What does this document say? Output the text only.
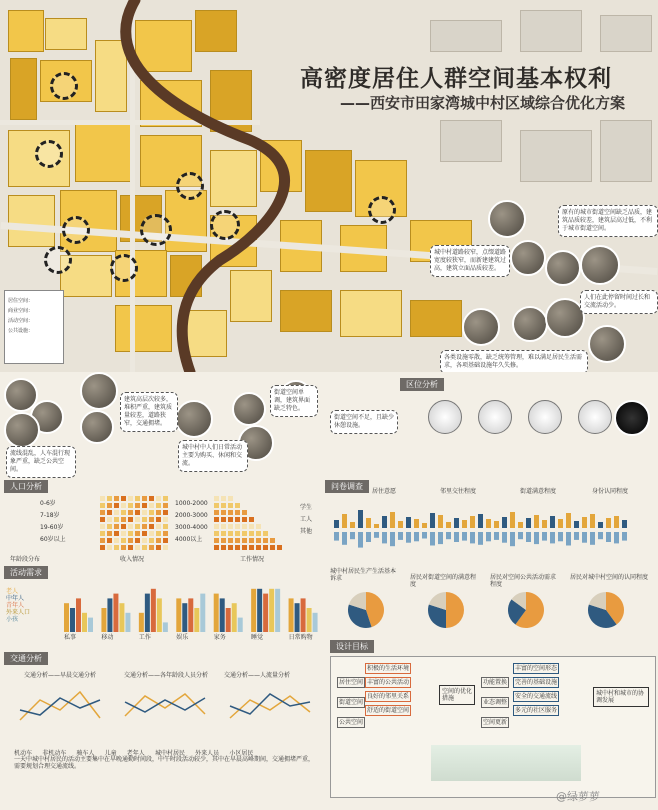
高密度居住人群空间基本权利
——西安市田家湾城中村区域综合优化方案
原有的城市街道空间缺乏品质，建筑品质较差，建筑层高过低，不利于城市街道空间。
城中村道路较窄，点缀道路宽度较狭窄，而新建建筑过高，建筑立面品质较差。
人们在此停留时间过长和交流活动少。
各类设施零散，缺乏统筹管理，难以满足居民生活需求，各项基础设施年久失修。
居住空间：
商业空间：
活动空间：
公共设施：
流线混乱，人车混行现象严重，缺乏公共空间。
建筑高层次较多，堆积严重，建筑质量较差，道路狭窄，交通拥堵。
城中村中人们日常活动主要为购买、休闲和交流。
街道空间单调，建筑界面缺乏特色。
街道空间不足，且缺少休憩设施。
区位分析
人口分析
0-6岁
7-18岁
19-60岁
60岁以上
1000-2000
2000-3000
3000-4000
4000以上
学生
工人
其他
年龄段分布	收入情况	工作情况
问卷调查
居住意愿	邻里交往程度	街道满意程度	身份认同程度
城中村居民生产生活基本诉求	居民对街道空间的满意程度
居民对空间公共活动需求程度
居民对城中村空间的认同程度
活动需求
老人
中年人
青年人
外来人口
小孩
私事	移动	工作	娱乐	家务	睡觉	日常购物
交通分析
交通分析——早晨交通分析	交通分析——各年龄段人员分析	交通分析——人流量分析
机动车 非机动车 骑车人 儿童 老年人 城中村居民 外来人员 小区居民
一天中城中村居民的活动主要集中在早晚通勤时间段，中午时段活动较少，其中在早晨高峰期间，交通拥堵严重，需要规划合理交通流线。
设计目标
居住空间
街道空间
公共空间
积极的生活环境
丰富的公共活动
良好的邻里关系
舒适的街道空间
丰富的空间形态
完善的基础设施
安全的交通流线
多元的社区服务
空间的优化措施
功能置换
业态调整
空间更新
城中村和城市的协调发展
@绿萝萝
